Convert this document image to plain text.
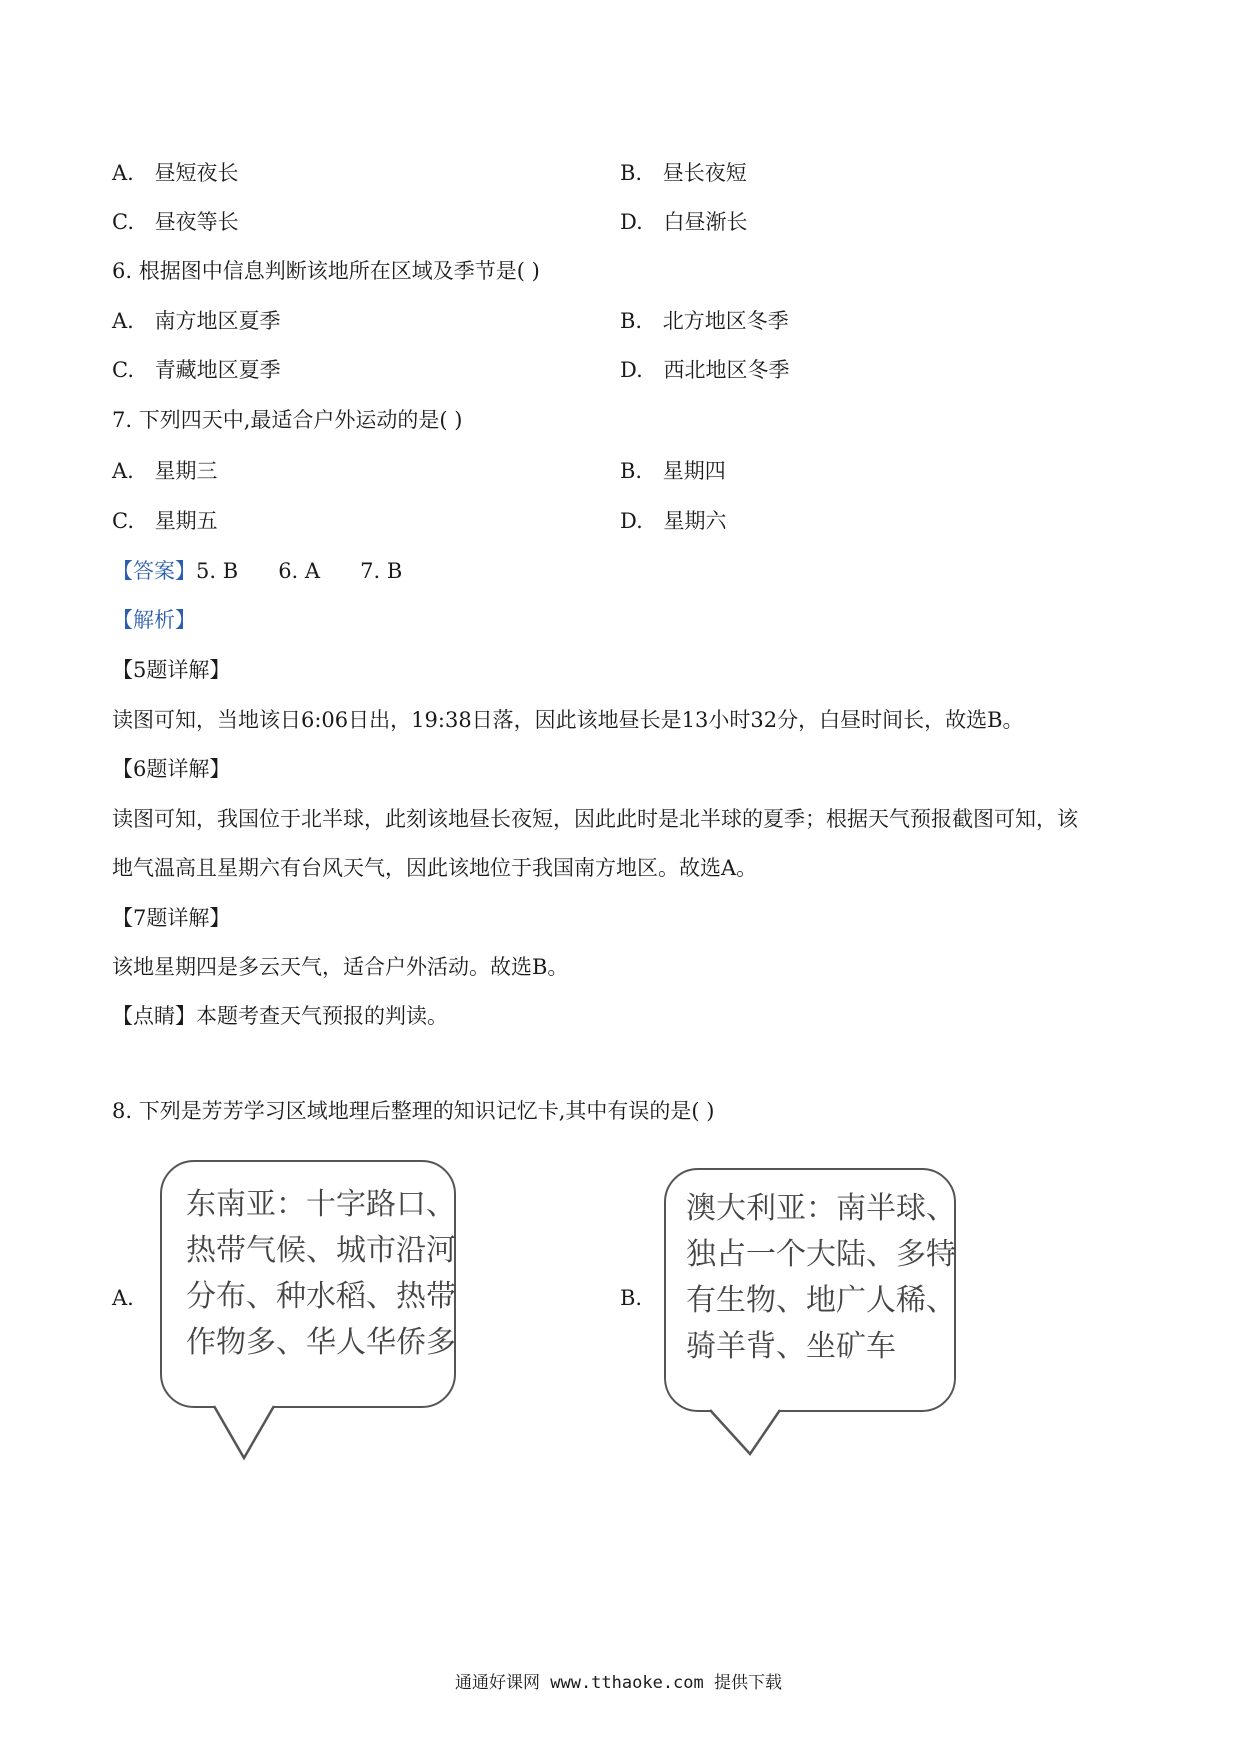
A. 昼短夜长	B. 昼长夜短
C. 昼夜等长	D. 白昼渐长
6. 根据图中信息判断该地所在区域及季节是( )
A. 南方地区夏季	B. 北方地区冬季
C. 青藏地区夏季	D. 西北地区冬季
7. 下列四天中,最适合户外运动的是( )
A. 星期三	B. 星期四
C. 星期五	D. 星期六
【答案】5. B      6. A      7. B
【解析】
【5题详解】
读图可知，当地该日6:06日出，19:38日落，因此该地昼长是13小时32分，白昼时间长，故选B。
【6题详解】
读图可知，我国位于北半球，此刻该地昼长夜短，因此此时是北半球的夏季；根据天气预报截图可知，该
地气温高且星期六有台风天气，因此该地位于我国南方地区。故选A。
【7题详解】
该地星期四是多云天气，适合户外活动。故选B。
【点睛】本题考查天气预报的判读。
8. 下列是芳芳学习区域地理后整理的知识记忆卡,其中有误的是( )
A.
东南亚：十字路口、
热带气候、城市沿河
分布、种水稻、热带
作物多、华人华侨多
B.
澳大利亚：南半球、
独占一个大陆、多特
有生物、地广人稀、
骑羊背、坐矿车
通通好课网 www.tthaoke.com 提供下载
